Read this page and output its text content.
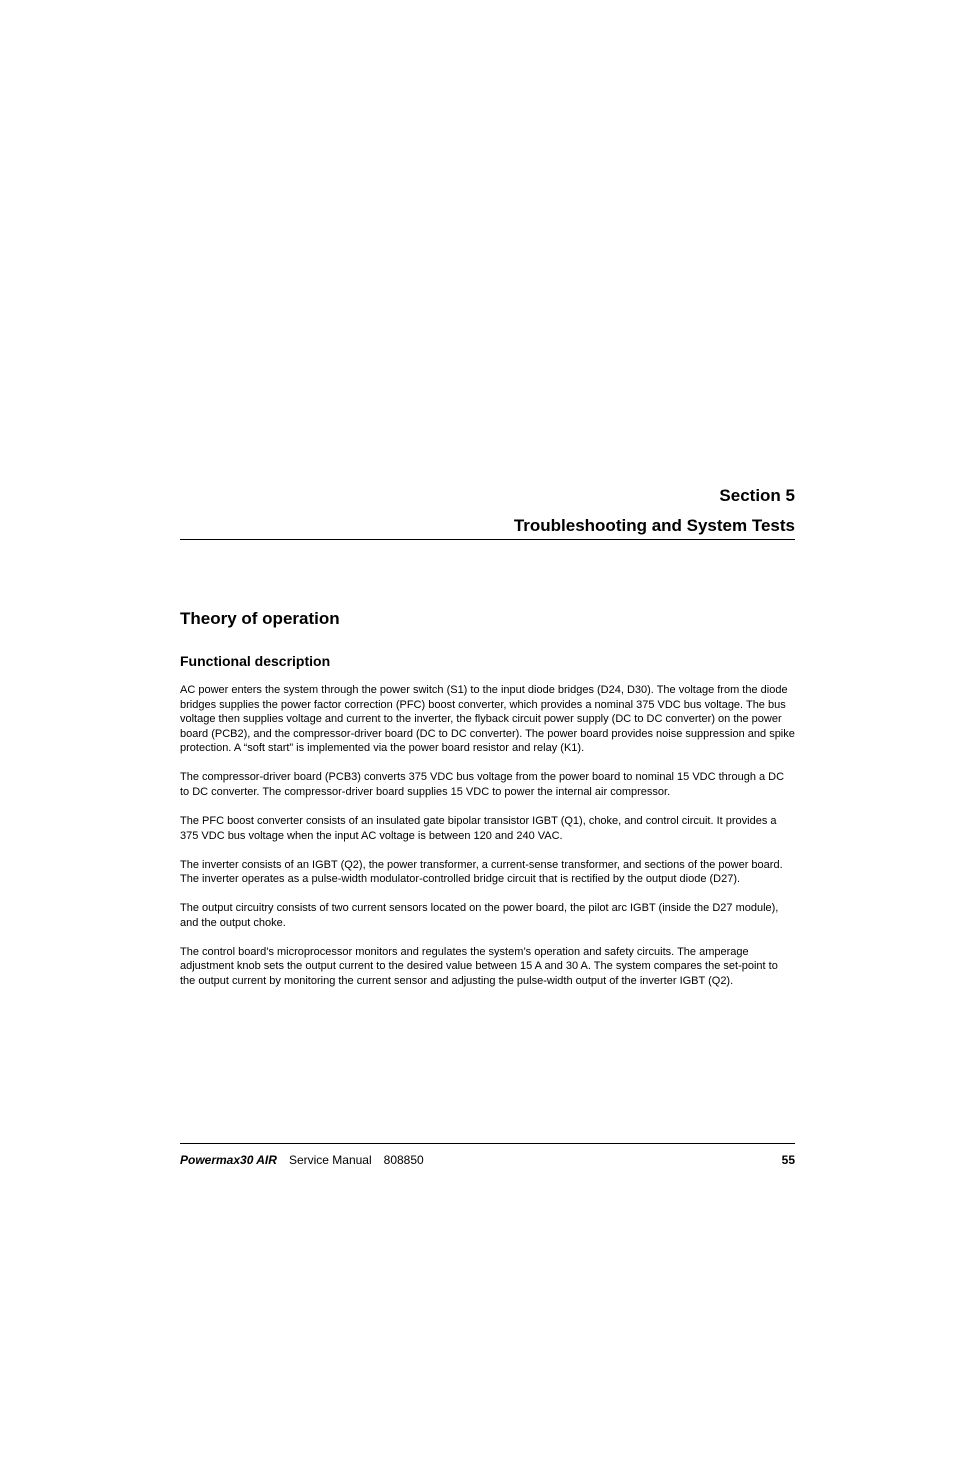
Section 5

Troubleshooting and System Tests

Theory of operation
Functional description

AC power enters the system through the power switch (S1) to the input diode bridges (D24, D30). The voltage from the diode bridges supplies the power factor correction (PFC) boost converter, which provides a nominal 375 VDC bus voltage. The bus voltage then supplies voltage and current to the inverter, the flyback circuit power supply (DC to DC converter) on the power board (PCB2), and the compressor-driver board (DC to DC converter). The power board provides noise suppression and spike protection. A “soft start” is implemented via the power board resistor and relay (K1).

The compressor-driver board (PCB3) converts 375 VDC bus voltage from the power board to nominal 15 VDC through a DC to DC converter. The compressor-driver board supplies 15 VDC to power the internal air compressor.

The PFC boost converter consists of an insulated gate bipolar transistor IGBT (Q1), choke, and control circuit. It provides a 375 VDC bus voltage when the input AC voltage is between 120 and 240 VAC.

The inverter consists of an IGBT (Q2), the power transformer, a current-sense transformer, and sections of the power board. The inverter operates as a pulse-width modulator-controlled bridge circuit that is rectified by the output diode (D27).

The output circuitry consists of two current sensors located on the power board, the pilot arc IGBT (inside the D27 module), and the output choke.

The control board’s microprocessor monitors and regulates the system’s operation and safety circuits. The amperage adjustment knob sets the output current to the desired value between 15 A and 30 A. The system compares the set-point to the output current by monitoring the current sensor and adjusting the pulse-width output of the inverter IGBT (Q2).

Powermax30 AIR Service Manual 808850	55
